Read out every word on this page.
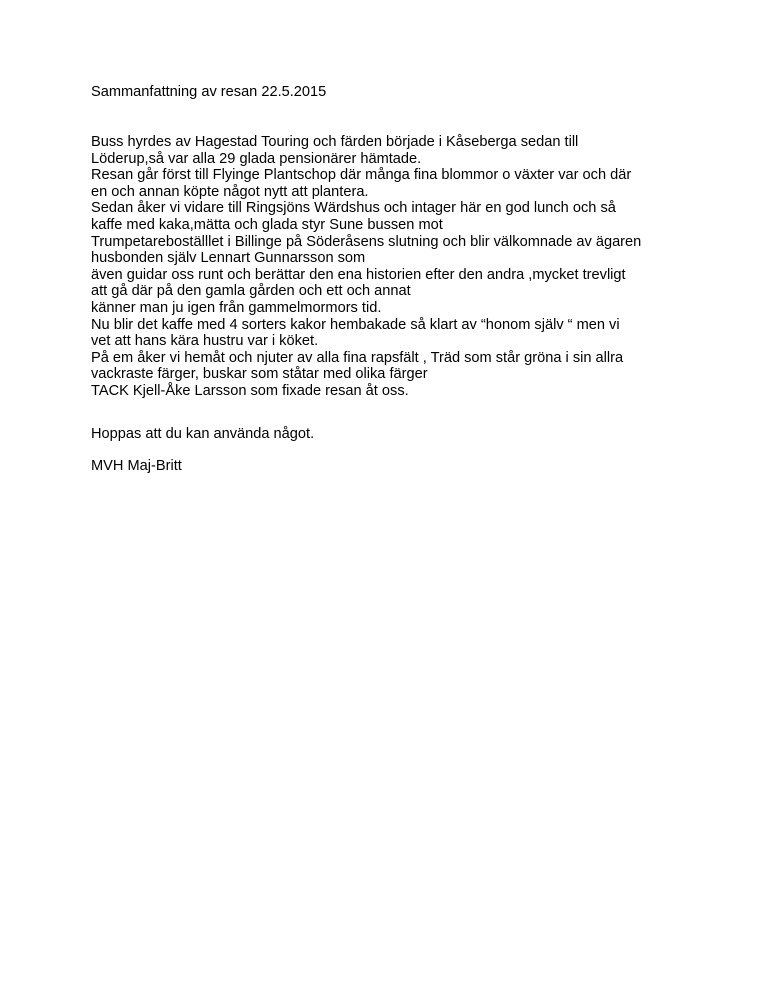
Sammanfattning av resan 22.5.2015
Buss hyrdes av Hagestad Touring och färden började i Kåseberga sedan till
Löderup,så var alla 29 glada pensionärer hämtade.
Resan går först till Flyinge Plantschop där många fina blommor o växter var och där
en och annan köpte något nytt att plantera.
Sedan åker vi vidare till Ringsjöns Wärdshus och intager här en god lunch och så
kaffe med kaka,mätta och glada styr Sune bussen mot
Trumpetareboställlet i Billinge på Söderåsens slutning och blir välkomnade av ägaren
husbonden själv Lennart Gunnarsson som
även guidar oss runt och berättar den ena historien efter den andra ,mycket trevligt
att gå där på den gamla gården och ett och annat
känner man ju igen från gammelmormors tid.
Nu blir det kaffe med 4 sorters kakor hembakade så klart av “honom själv “ men vi
vet att hans kära hustru var i köket.
På em åker vi hemåt och njuter av alla fina rapsfält , Träd som står gröna i sin allra
vackraste färger, buskar som ståtar med olika färger
TACK Kjell-Åke Larsson som fixade resan åt oss.
Hoppas att du kan använda något.
MVH Maj-Britt
